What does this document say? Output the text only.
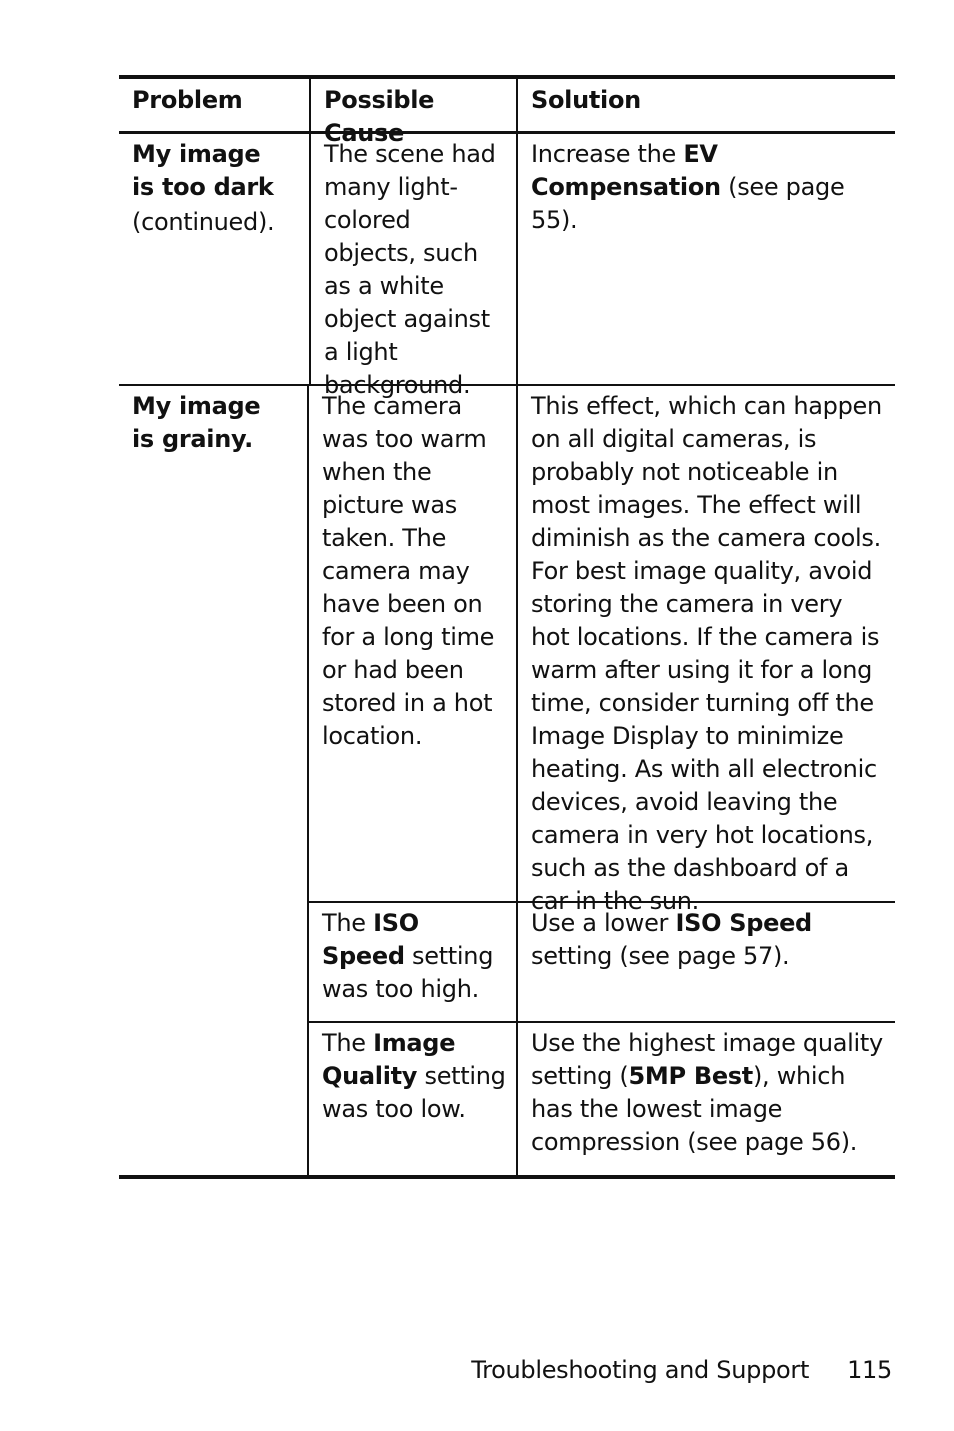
Problem	Possible Cause
Solution
My image is too dark
(continued).
The scene had many light-colored objects, such as a white object against a light background.
Increase the EV Compensation (see page 55).
My image is grainy.
The camera was too warm when the picture was taken. The camera may have been on for a long time or had been stored in a hot location.
This effect, which can happen on all digital cameras, is probably not noticeable in most images. The effect will diminish as the camera cools. For best image quality, avoid storing the camera in very hot locations. If the camera is warm after using it for a long time, consider turning off the Image Display to minimize heating. As with all electronic devices, avoid leaving the camera in very hot locations, such as the dashboard of a car in the sun.
The ISO Speed setting was too high.
Use a lower ISO Speed setting (see page 57).
The Image Quality setting was too low.
Use the highest image quality setting (5MP Best), which has the lowest image compression (see page 56).
Troubleshooting and Support 115
